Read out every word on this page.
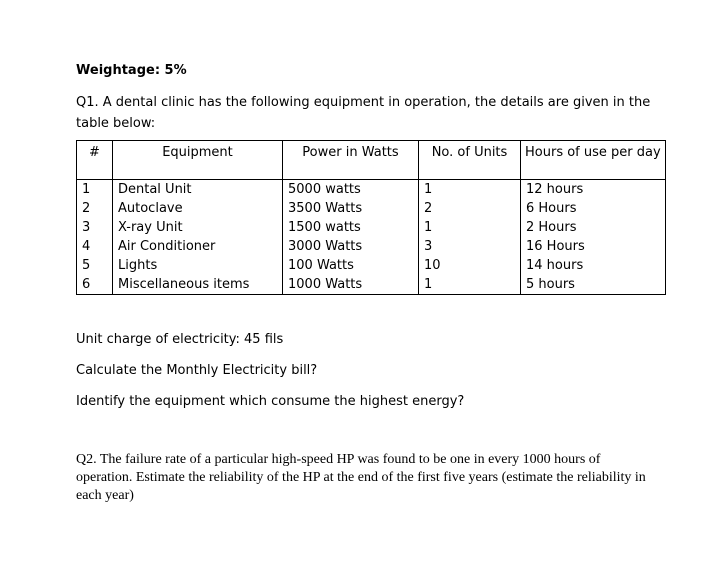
Weightage: 5%
Q1. A dental clinic has the following equipment in operation, the details are given in the table below:
#	Equipment	Power in Watts	No. of Units	Hours of use per day
1	Dental Unit	5000 watts	1	12 hours
2	Autoclave	3500 Watts	2	6 Hours
3	X-ray Unit	1500 watts	1	2 Hours
4	Air Conditioner	3000 Watts	3	16 Hours
5	Lights	100 Watts	10	14 hours
6	Miscellaneous items	1000 Watts	1	5 hours
Unit charge of electricity: 45 fils
Calculate the Monthly Electricity bill?
Identify the equipment which consume the highest energy?
Q2. The failure rate of a particular high-speed HP was found to be one in every 1000 hours of operation. Estimate the reliability of the HP at the end of the first five years (estimate the reliability in each year)
